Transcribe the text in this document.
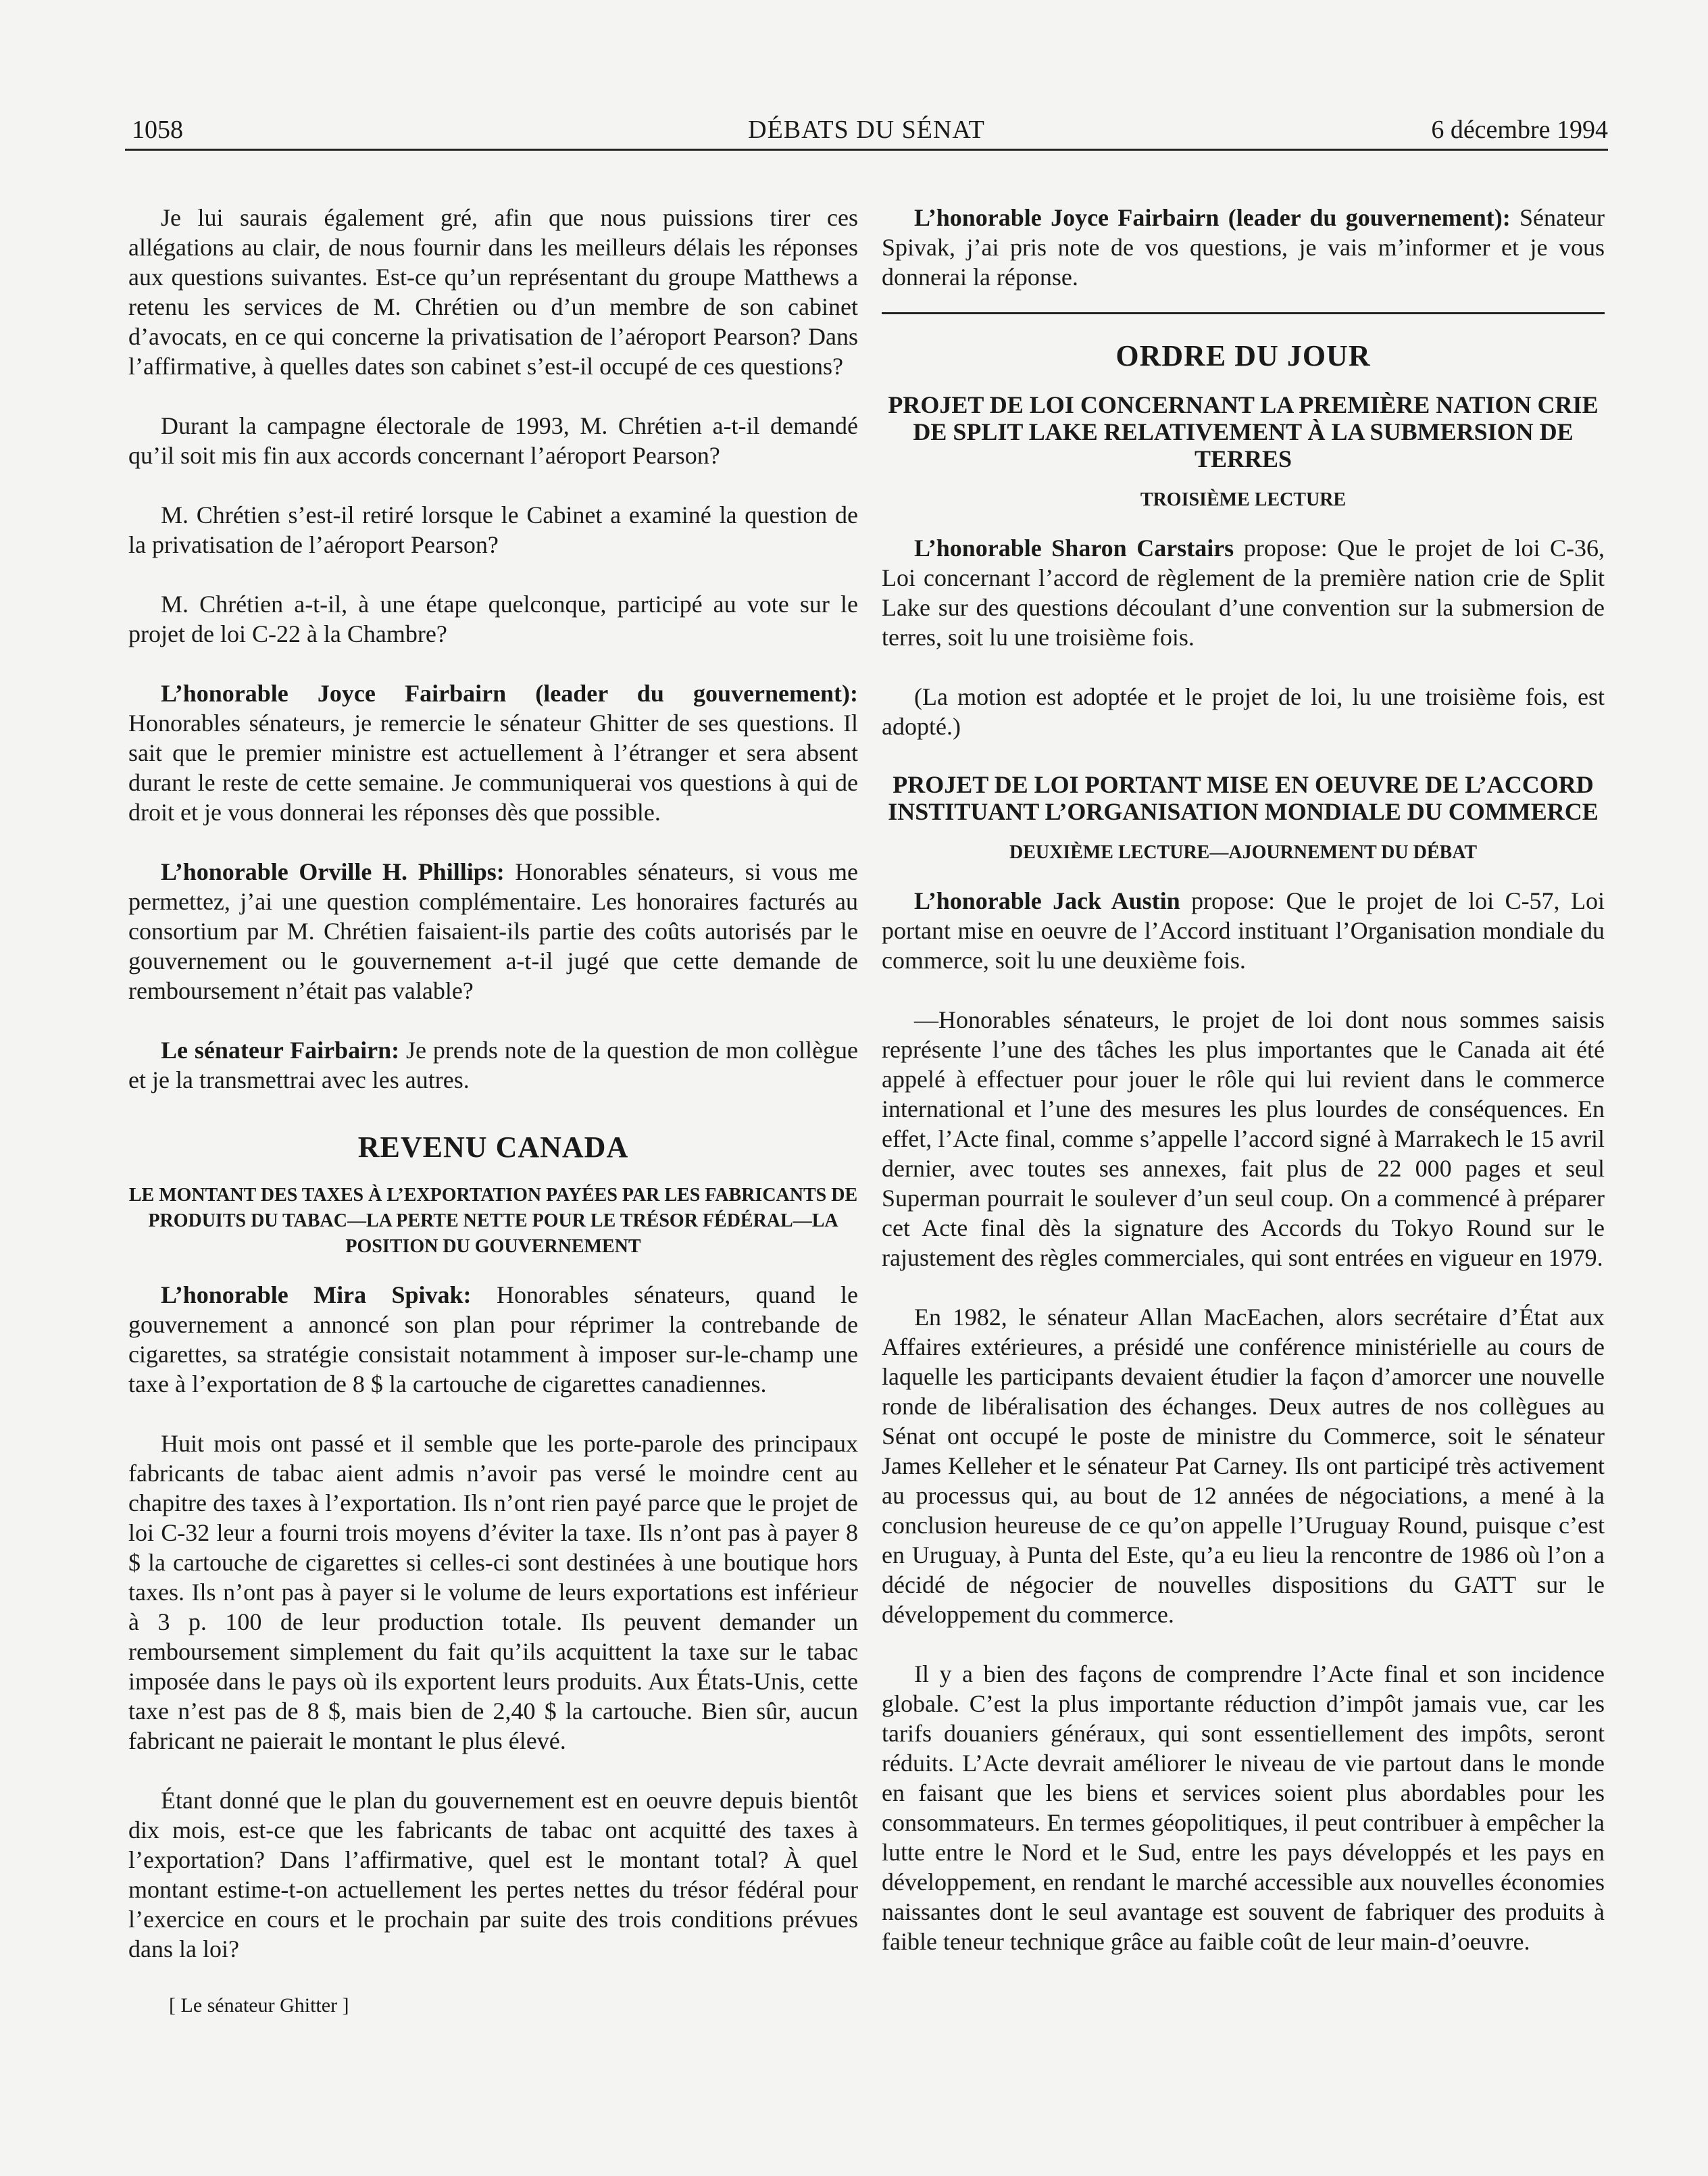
1058	DÉBATS DU SÉNAT	6 décembre 1994

Je lui saurais également gré, afin que nous puissions tirer ces allégations au clair, de nous fournir dans les meilleurs délais les réponses aux questions suivantes. Est-ce qu’un représentant du groupe Matthews a retenu les services de M. Chrétien ou d’un membre de son cabinet d’avocats, en ce qui concerne la privatisation de l’aéroport Pearson? Dans l’affirmative, à quelles dates son cabinet s’est-il occupé de ces questions?

Durant la campagne électorale de 1993, M. Chrétien a-t-il demandé qu’il soit mis fin aux accords concernant l’aéroport Pearson?

M. Chrétien s’est-il retiré lorsque le Cabinet a examiné la question de la privatisation de l’aéroport Pearson?

M. Chrétien a-t-il, à une étape quelconque, participé au vote sur le projet de loi C-22 à la Chambre?

L’honorable Joyce Fairbairn (leader du gouvernement): Honorables sénateurs, je remercie le sénateur Ghitter de ses questions. Il sait que le premier ministre est actuellement à l’étranger et sera absent durant le reste de cette semaine. Je communiquerai vos questions à qui de droit et je vous donnerai les réponses dès que possible.

L’honorable Orville H. Phillips: Honorables sénateurs, si vous me permettez, j’ai une question complémentaire. Les honoraires facturés au consortium par M. Chrétien faisaient-ils partie des coûts autorisés par le gouvernement ou le gouvernement a-t-il jugé que cette demande de remboursement n’était pas valable?

Le sénateur Fairbairn: Je prends note de la question de mon collègue et je la transmettrai avec les autres.

REVENU CANADA
LE MONTANT DES TAXES À L’EXPORTATION PAYÉES PAR LES FABRICANTS DE PRODUITS DU TABAC—LA PERTE NETTE POUR LE TRÉSOR FÉDÉRAL—LA POSITION DU GOUVERNEMENT

L’honorable Mira Spivak: Honorables sénateurs, quand le gouvernement a annoncé son plan pour réprimer la contrebande de cigarettes, sa stratégie consistait notamment à imposer sur-le-champ une taxe à l’exportation de 8 $ la cartouche de cigarettes canadiennes.

Huit mois ont passé et il semble que les porte-parole des principaux fabricants de tabac aient admis n’avoir pas versé le moindre cent au chapitre des taxes à l’exportation. Ils n’ont rien payé parce que le projet de loi C-32 leur a fourni trois moyens d’éviter la taxe. Ils n’ont pas à payer 8 $ la cartouche de cigarettes si celles-ci sont destinées à une boutique hors taxes. Ils n’ont pas à payer si le volume de leurs exportations est inférieur à 3 p. 100 de leur production totale. Ils peuvent demander un remboursement simplement du fait qu’ils acquittent la taxe sur le tabac imposée dans le pays où ils exportent leurs produits. Aux États-Unis, cette taxe n’est pas de 8 $, mais bien de 2,40 $ la cartouche. Bien sûr, aucun fabricant ne paierait le montant le plus élevé.

Étant donné que le plan du gouvernement est en oeuvre depuis bientôt dix mois, est-ce que les fabricants de tabac ont acquitté des taxes à l’exportation? Dans l’affirmative, quel est le montant total? À quel montant estime-t-on actuellement les pertes nettes du trésor fédéral pour l’exercice en cours et le prochain par suite des trois conditions prévues dans la loi?

[ Le sénateur Ghitter ]

L’honorable Joyce Fairbairn (leader du gouvernement): Sénateur Spivak, j’ai pris note de vos questions, je vais m’informer et je vous donnerai la réponse.

ORDRE DU JOUR
PROJET DE LOI CONCERNANT LA PREMIÈRE NATION CRIE DE SPLIT LAKE RELATIVEMENT À LA SUBMERSION DE TERRES
TROISIÈME LECTURE

L’honorable Sharon Carstairs propose: Que le projet de loi C-36, Loi concernant l’accord de règlement de la première nation crie de Split Lake sur des questions découlant d’une convention sur la submersion de terres, soit lu une troisième fois.

(La motion est adoptée et le projet de loi, lu une troisième fois, est adopté.)

PROJET DE LOI PORTANT MISE EN OEUVRE DE L’ACCORD INSTITUANT L’ORGANISATION MONDIALE DU COMMERCE
DEUXIÈME LECTURE—AJOURNEMENT DU DÉBAT

L’honorable Jack Austin propose: Que le projet de loi C-57, Loi portant mise en oeuvre de l’Accord instituant l’Organisation mondiale du commerce, soit lu une deuxième fois.

—Honorables sénateurs, le projet de loi dont nous sommes saisis représente l’une des tâches les plus importantes que le Canada ait été appelé à effectuer pour jouer le rôle qui lui revient dans le commerce international et l’une des mesures les plus lourdes de conséquences. En effet, l’Acte final, comme s’appelle l’accord signé à Marrakech le 15 avril dernier, avec toutes ses annexes, fait plus de 22 000 pages et seul Superman pourrait le soulever d’un seul coup. On a commencé à préparer cet Acte final dès la signature des Accords du Tokyo Round sur le rajustement des règles commerciales, qui sont entrées en vigueur en 1979.

En 1982, le sénateur Allan MacEachen, alors secrétaire d’État aux Affaires extérieures, a présidé une conférence ministérielle au cours de laquelle les participants devaient étudier la façon d’amorcer une nouvelle ronde de libéralisation des échanges. Deux autres de nos collègues au Sénat ont occupé le poste de ministre du Commerce, soit le sénateur James Kelleher et le sénateur Pat Carney. Ils ont participé très activement au processus qui, au bout de 12 années de négociations, a mené à la conclusion heureuse de ce qu’on appelle l’Uruguay Round, puisque c’est en Uruguay, à Punta del Este, qu’a eu lieu la rencontre de 1986 où l’on a décidé de négocier de nouvelles dispositions du GATT sur le développement du commerce.

Il y a bien des façons de comprendre l’Acte final et son incidence globale. C’est la plus importante réduction d’impôt jamais vue, car les tarifs douaniers généraux, qui sont essentiellement des impôts, seront réduits. L’Acte devrait améliorer le niveau de vie partout dans le monde en faisant que les biens et services soient plus abordables pour les consommateurs. En termes géopolitiques, il peut contribuer à empêcher la lutte entre le Nord et le Sud, entre les pays développés et les pays en développement, en rendant le marché accessible aux nouvelles économies naissantes dont le seul avantage est souvent de fabriquer des produits à faible teneur technique grâce au faible coût de leur main-d’oeuvre.
